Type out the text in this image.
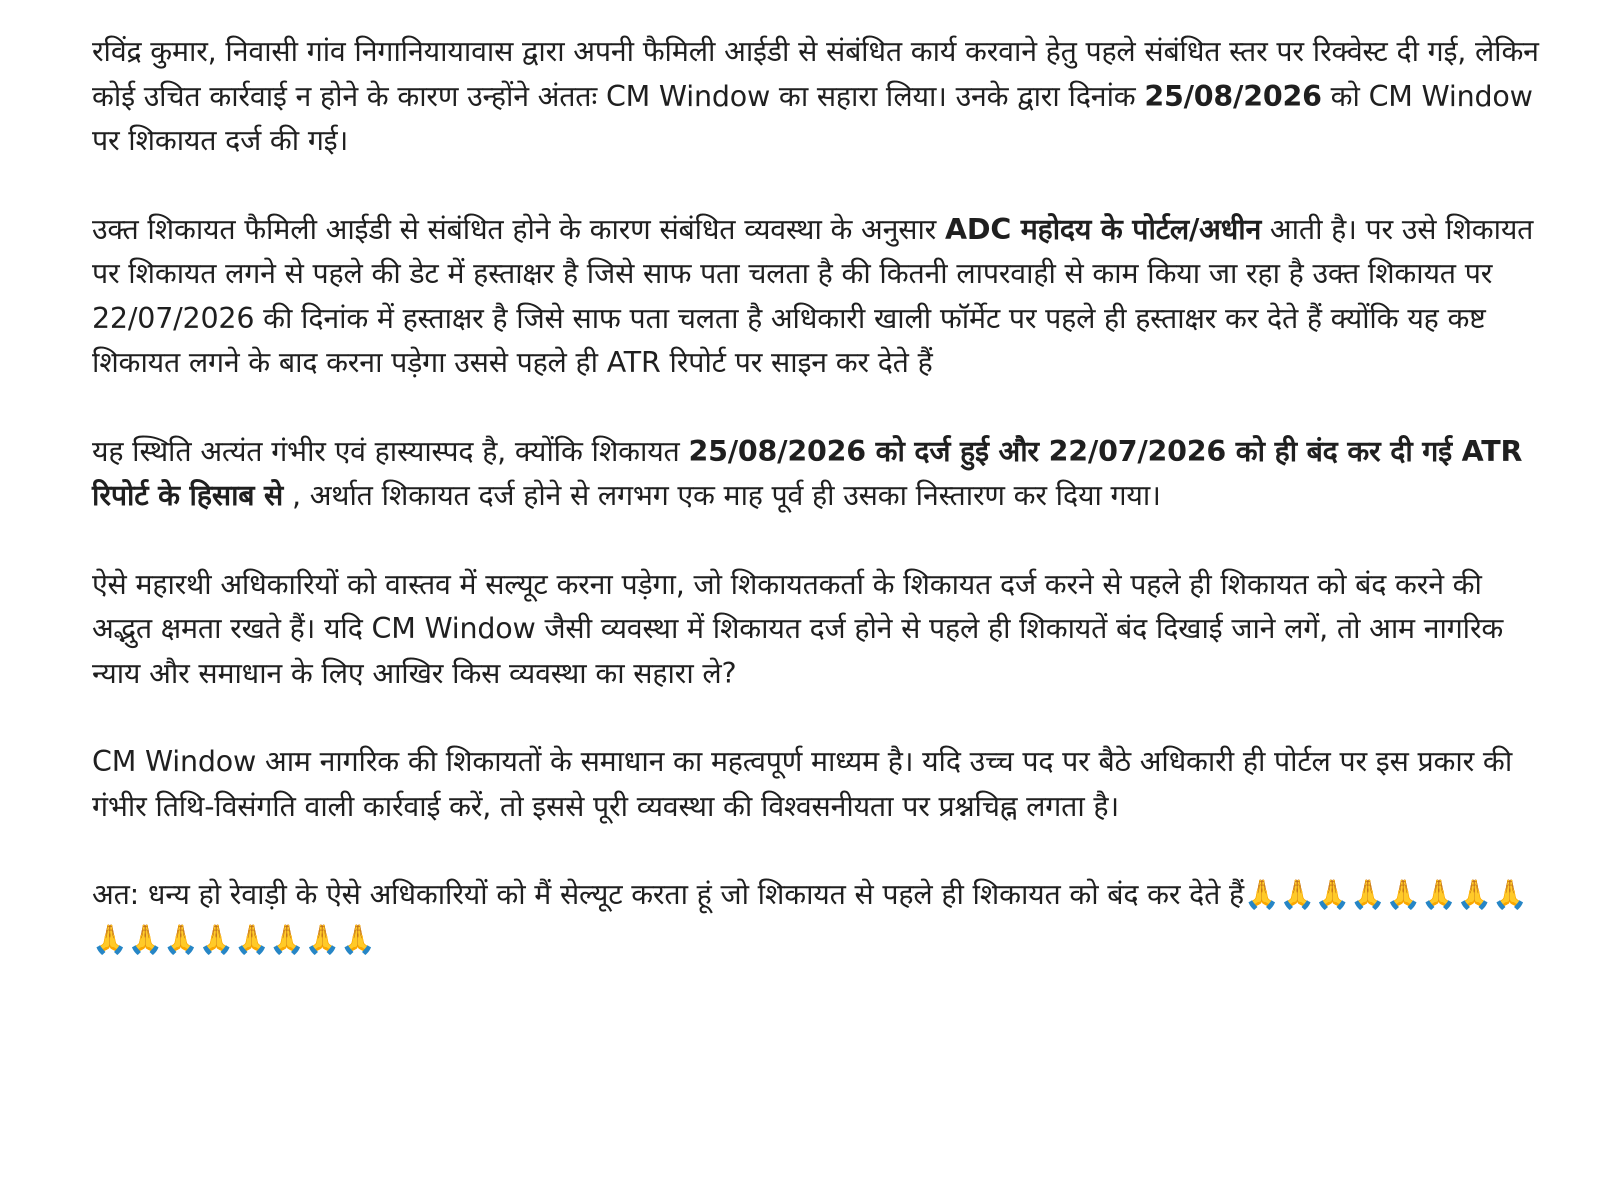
रविंद्र कुमार, निवासी गांव निगानियायावास द्वारा अपनी फैमिली आईडी से संबंधित कार्य करवाने हेतु पहले संबंधित स्तर पर रिक्वेस्ट दी गई, लेकिन कोई उचित कार्रवाई न होने के कारण उन्होंने अंततः CM Window का सहारा लिया। उनके द्वारा दिनांक 25/08/2026 को CM Window पर शिकायत दर्ज की गई।

उक्त शिकायत फैमिली आईडी से संबंधित होने के कारण संबंधित व्यवस्था के अनुसार ADC महोदय के पोर्टल/अधीन आती है। पर उसे शिकायत पर शिकायत लगने से पहले की डेट में हस्ताक्षर है जिसे साफ पता चलता है की कितनी लापरवाही से काम किया जा रहा है उक्त शिकायत पर 22/07/2026 की दिनांक में हस्ताक्षर है जिसे साफ पता चलता है अधिकारी खाली फॉर्मेट पर पहले ही हस्ताक्षर कर देते हैं क्योंकि यह कष्ट शिकायत लगने के बाद करना पड़ेगा उससे पहले ही ATR रिपोर्ट पर साइन कर देते हैं

यह स्थिति अत्यंत गंभीर एवं हास्यास्पद है, क्योंकि शिकायत 25/08/2026 को दर्ज हुई और 22/07/2026 को ही बंद कर दी गई ATR रिपोर्ट के हिसाब से , अर्थात शिकायत दर्ज होने से लगभग एक माह पूर्व ही उसका निस्तारण कर दिया गया।

ऐसे महारथी अधिकारियों को वास्तव में सल्यूट करना पड़ेगा, जो शिकायतकर्ता के शिकायत दर्ज करने से पहले ही शिकायत को बंद करने की अद्भुत क्षमता रखते हैं। यदि CM Window जैसी व्यवस्था में शिकायत दर्ज होने से पहले ही शिकायतें बंद दिखाई जाने लगें, तो आम नागरिक न्याय और समाधान के लिए आखिर किस व्यवस्था का सहारा ले?

CM Window आम नागरिक की शिकायतों के समाधान का महत्वपूर्ण माध्यम है। यदि उच्च पद पर बैठे अधिकारी ही पोर्टल पर इस प्रकार की गंभीर तिथि-विसंगति वाली कार्रवाई करें, तो इससे पूरी व्यवस्था की विश्वसनीयता पर प्रश्नचिह्न लगता है।

अत: धन्य हो रेवाड़ी के ऐसे अधिकारियों को मैं सेल्यूट करता हूं जो शिकायत से पहले ही शिकायत को बंद कर देते हैं🙏🙏🙏🙏🙏🙏🙏🙏🙏🙏🙏🙏🙏🙏🙏🙏
